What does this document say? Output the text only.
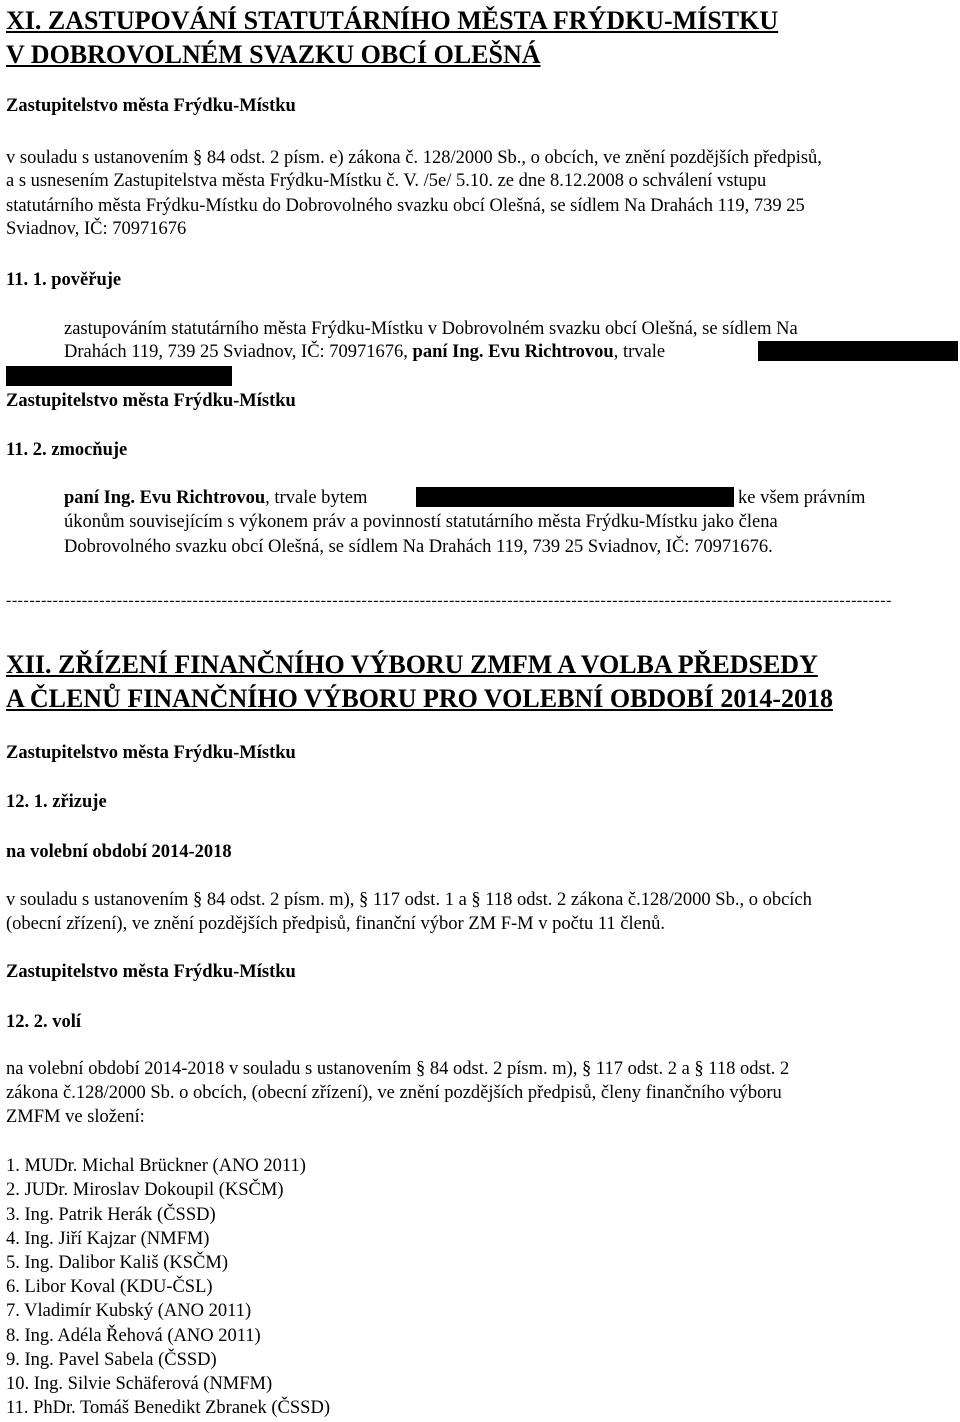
XI. ZASTUPOVÁNÍ STATUTÁRNÍHO MĚSTA FRÝDKU-MÍSTKU
V DOBROVOLNÉM SVAZKU OBCÍ OLEŠNÁ
Zastupitelstvo města Frýdku-Místku
v souladu s ustanovením § 84 odst. 2 písm. e) zákona č. 128/2000 Sb., o obcích, ve znění pozdějších předpisů,
a s usnesením Zastupitelstva města Frýdku-Místku č. V. /5e/ 5.10. ze dne 8.12.2008 o schválení vstupu
statutárního města Frýdku-Místku do Dobrovolného svazku obcí Olešná, se sídlem Na Drahách 119, 739 25
Sviadnov, IČ: 70971676
11. 1. pověřuje
zastupováním statutárního města Frýdku-Místku v Dobrovolném svazku obcí Olešná, se sídlem Na
Drahách 119, 739 25 Sviadnov, IČ: 70971676, paní Ing. Evu Richtrovou, trvale
Zastupitelstvo města Frýdku-Místku
11. 2. zmocňuje
paní Ing. Evu Richtrovou, trvale bytem	ke všem právním
úkonům souvisejícím s výkonem práv a povinností statutárního města Frýdku-Místku jako člena
Dobrovolného svazku obcí Olešná, se sídlem Na Drahách 119, 739 25 Sviadnov, IČ: 70971676.
--------------------------------------------------------------------------------------------------------------------------------------------------------
XII. ZŘÍZENÍ FINANČNÍHO VÝBORU ZMFM A VOLBA PŘEDSEDY
A ČLENŮ FINANČNÍHO VÝBORU PRO VOLEBNÍ OBDOBÍ 2014-2018
Zastupitelstvo města Frýdku-Místku
12. 1. zřizuje
na volební období 2014-2018
v souladu s ustanovením § 84 odst. 2 písm. m), § 117 odst. 1 a § 118 odst. 2 zákona č.128/2000 Sb., o obcích
(obecní zřízení), ve znění pozdějších předpisů, finanční výbor ZM F-M v počtu 11 členů.
Zastupitelstvo města Frýdku-Místku
12. 2. volí
na volební období 2014-2018 v souladu s ustanovením § 84 odst. 2 písm. m), § 117 odst. 2 a § 118 odst. 2
zákona č.128/2000 Sb. o obcích, (obecní zřízení), ve znění pozdějších předpisů, členy finančního výboru
ZMFM ve složení:
1. MUDr. Michal Brückner (ANO 2011)
2. JUDr. Miroslav Dokoupil (KSČM)
3. Ing. Patrik Herák (ČSSD)
4. Ing. Jiří Kajzar (NMFM)
5. Ing. Dalibor Kališ (KSČM)
6. Libor Koval (KDU-ČSL)
7. Vladimír Kubský (ANO 2011)
8. Ing. Adéla Řehová (ANO 2011)
9. Ing. Pavel Sabela (ČSSD)
10. Ing. Silvie Schäferová (NMFM)
11. PhDr. Tomáš Benedikt Zbranek (ČSSD)
